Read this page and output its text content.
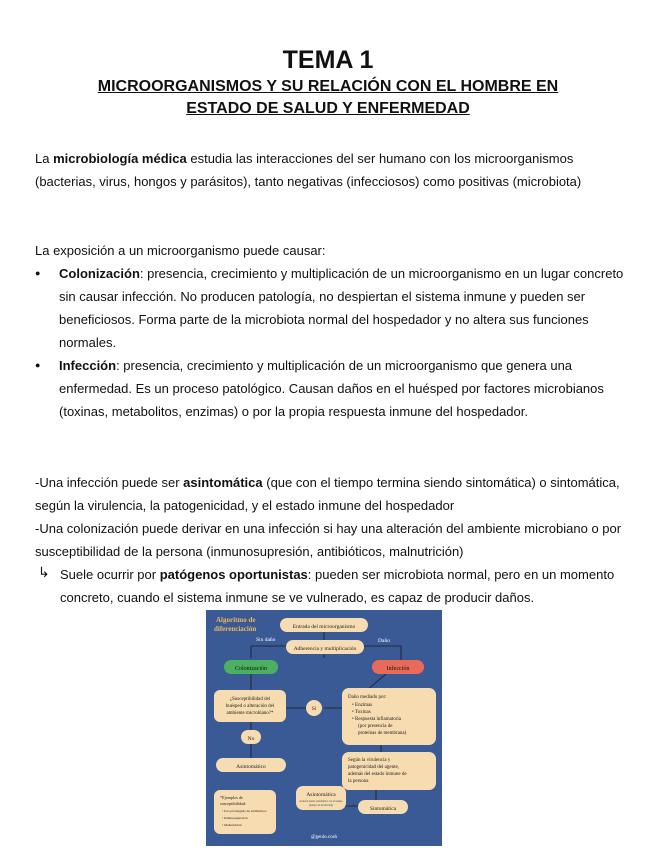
TEMA 1
MICROORGANISMOS Y SU RELACIÓN CON EL HOMBRE EN
ESTADO DE SALUD Y ENFERMEDAD

La microbiología médica estudia las interacciones del ser humano con los microorganismos (bacterias, virus, hongos y parásitos), tanto negativas (infecciosos) como positivas (microbiota)

La exposición a un microorganismo puede causar:

● Colonización: presencia, crecimiento y multiplicación de un microorganismo en un lugar concreto sin causar infección. No producen patología, no despiertan el sistema inmune y pueden ser beneficiosos. Forma parte de la microbiota normal del hospedador y no altera sus funciones normales.
● Infección: presencia, crecimiento y multiplicación de un microorganismo que genera una enfermedad. Es un proceso patológico. Causan daños en el huésped por factores microbianos (toxinas, metabolitos, enzimas) o por la propia respuesta inmune del hospedador.

-Una infección puede ser asintomática (que con el tiempo termina siendo sintomática) o sintomática, según la virulencia, la patogenicidad, y el estado inmune del hospedador

-Una colonización puede derivar en una infección si hay una alteración del ambiente microbiano o por susceptibilidad de la persona (inmunosupresión, antibióticos, malnutrición)

↳ Suele ocurrir por patógenos oportunistas: pueden ser microbiota normal, pero en un momento concreto, cuando el sistema inmune se ve vulnerado, es capaz de producir daños.
Algoritmo de
diferenciación	Entrada del microorganismo
Sin daño	Daño
Adherencia y multiplicación
Colonización	Infección
¿Susceptibilidad del
huésped o alteración del
ambiente microbiano?*
Sí
No
Daño mediado por:
• Enzimas
• Toxinas
• Respuesta inflamatoria
(por presencia de
proteínas de membrana)
Asintomático
Según la virulencia y
patogenicidad del agente,
además del estado inmune de
la persona
Asintomática
Acabará siendo sintomática con el tiempo
(tiempo de incubación)
Sintomática
*Ejemplos de
susceptibilidad:
• Uso prolongado de antibióticos
• Inmunosupresión
• Malnutrición
@genio.cosh
